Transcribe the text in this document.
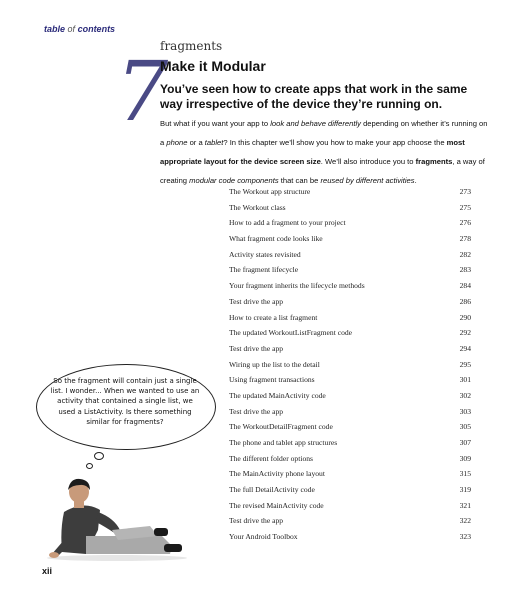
table of contents
7
fragments
Make it Modular
You’ve seen how to create apps that work in the same way irrespective of the device they’re running on.
But what if you want your app to look and behave differently depending on whether it’s running on a phone or a tablet? In this chapter we’ll show you how to make your app choose the most appropriate layout for the device screen size. We’ll also introduce you to fragments, a way of creating modular code components that can be reused by different activities.
The Workout app structure	273
The Workout class	275
How to add a fragment to your project	276
What fragment code looks like	278
Activity states revisited	282
The fragment lifecycle	283
Your fragment inherits the lifecycle methods	284
Test drive the app	286
How to create a list fragment	290
The updated WorkoutListFragment code	292
Test drive the app	294
Wiring up the list to the detail	295
Using fragment transactions	301
The updated MainActivity code	302
Test drive the app	303
The WorkoutDetailFragment code	305
The phone and tablet app structures	307
The different folder options	309
The MainActivity phone layout	315
The full DetailActivity code	319
The revised MainActivity code	321
Test drive the app	322
Your Android Toolbox	323
So the fragment will contain just a single list. I wonder... When we wanted to use an activity that contained a single list, we used a ListActivity. Is there something similar for fragments?
xii
